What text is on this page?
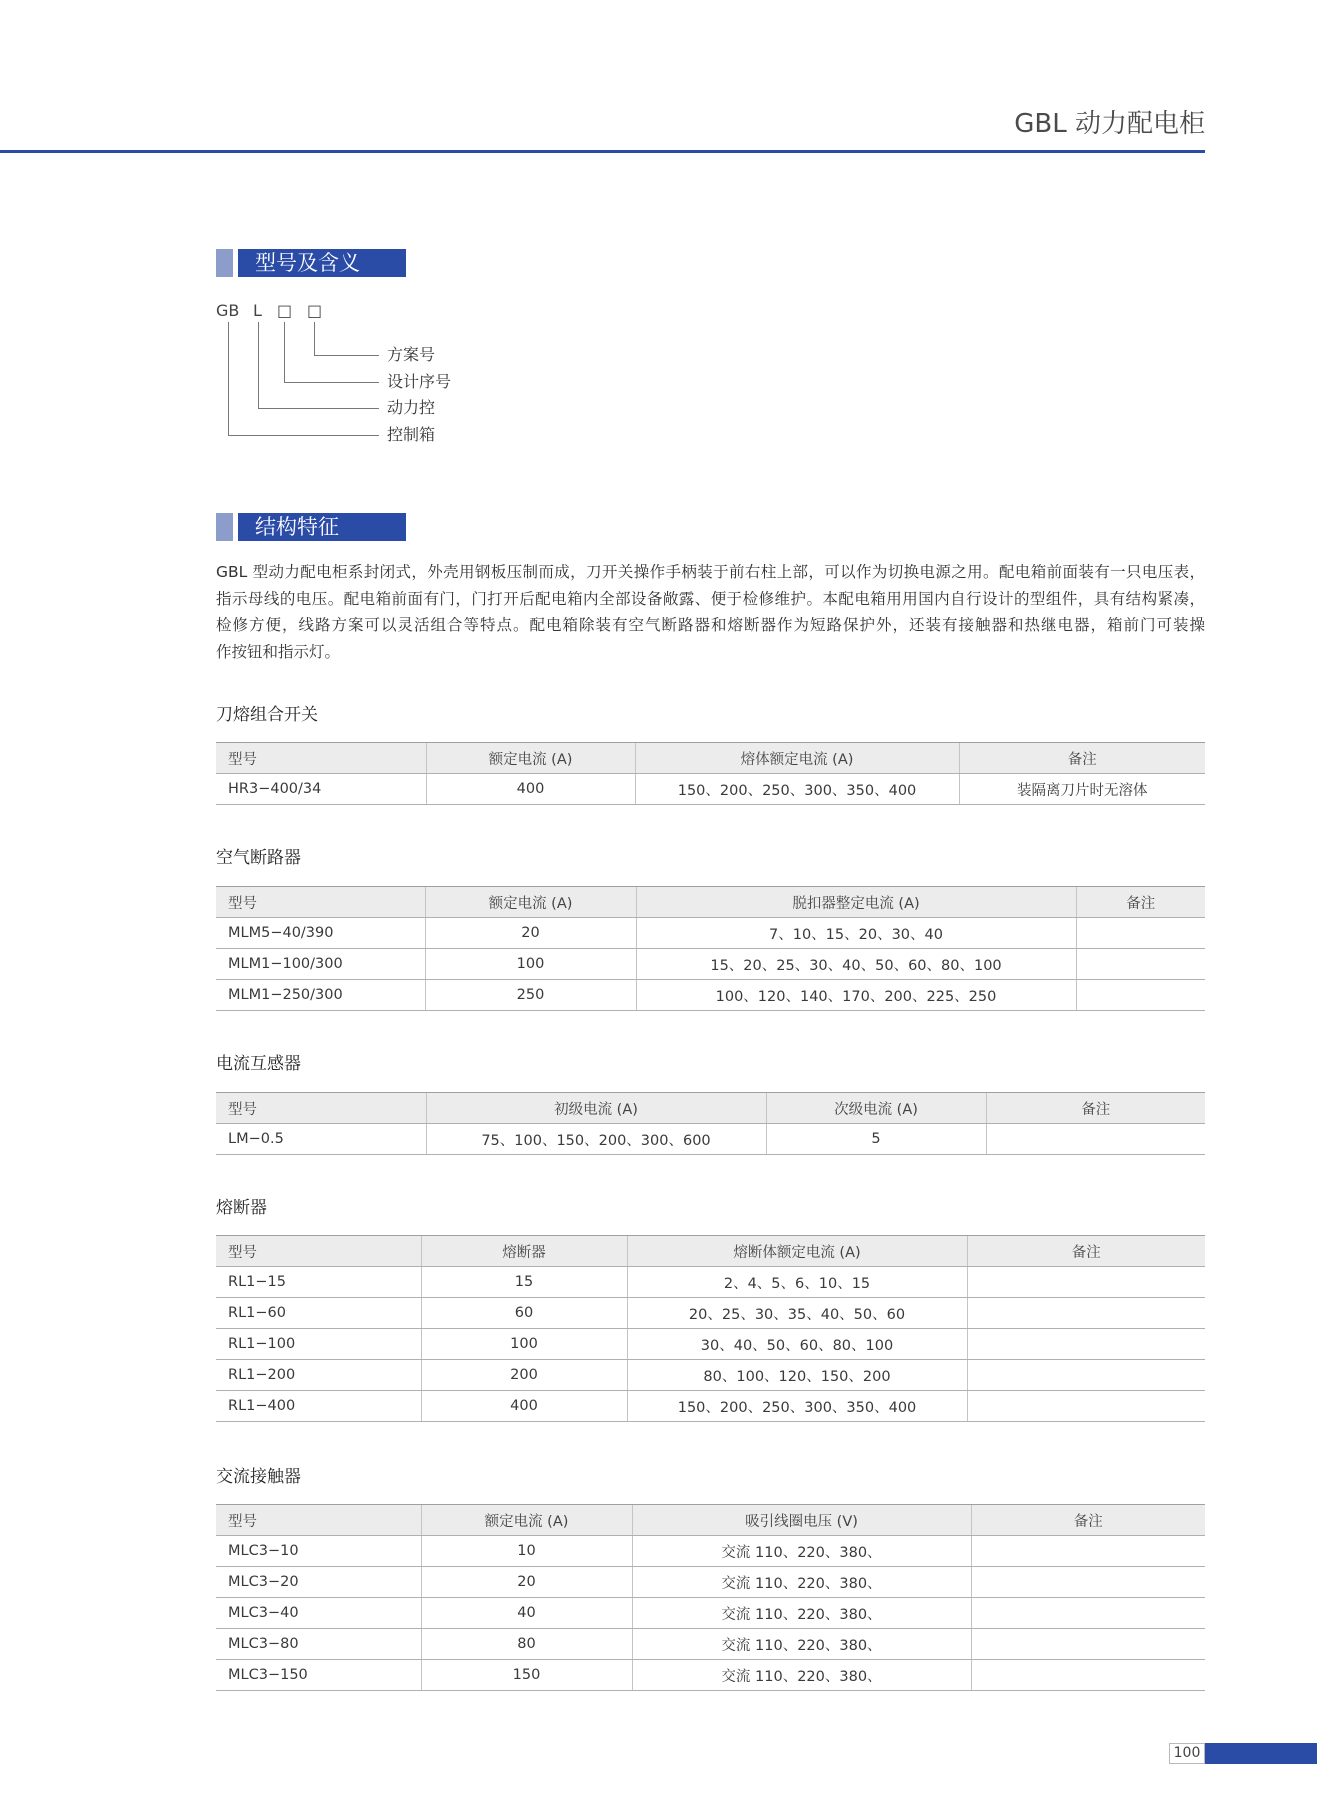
GBL 动力配电柜
型号及含义
GB L □ □
方案号
设计序号
动力控
控制箱
结构特征
GBL 型动力配电柜系封闭式，外壳用钢板压制而成，刀开关操作手柄装于前右柱上部，可以作为切换电源之用。配电箱前面装有一只电压表，
指示母线的电压。配电箱前面有门，门打开后配电箱内全部设备敞露、便于检修维护。本配电箱用用国内自行设计的型组件，具有结构紧凑，
检修方便，线路方案可以灵活组合等特点。配电箱除装有空气断路器和熔断器作为短路保护外，还装有接触器和热继电器，箱前门可装操
作按钮和指示灯。
刀熔组合开关
型号	额定电流 (A)	熔体额定电流 (A)	备注
HR3−400/34	400	150、200、250、300、350、400	装隔离刀片时无溶体
空气断路器
型号	额定电流 (A)	脱扣器整定电流 (A)	备注
MLM5−40/390	20	7、10、15、20、30、40	
MLM1−100/300	100	15、20、25、30、40、50、60、80、100	
MLM1−250/300	250	100、120、140、170、200、225、250	
电流互感器
型号	初级电流 (A)	次级电流 (A)	备注
LM−0.5	75、100、150、200、300、600	5	
熔断器
型号	熔断器	熔断体额定电流 (A)	备注
RL1−15	15	2、4、5、6、10、15	
RL1−60	60	20、25、30、35、40、50、60	
RL1−100	100	30、40、50、60、80、100	
RL1−200	200	80、100、120、150、200	
RL1−400	400	150、200、250、300、350、400	
交流接触器
型号	额定电流 (A)	吸引线圈电压 (V)	备注
MLC3−10	10	交流 110、220、380、	
MLC3−20	20	交流 110、220、380、	
MLC3−40	40	交流 110、220、380、	
MLC3−80	80	交流 110、220、380、	
MLC3−150	150	交流 110、220、380、	
100
